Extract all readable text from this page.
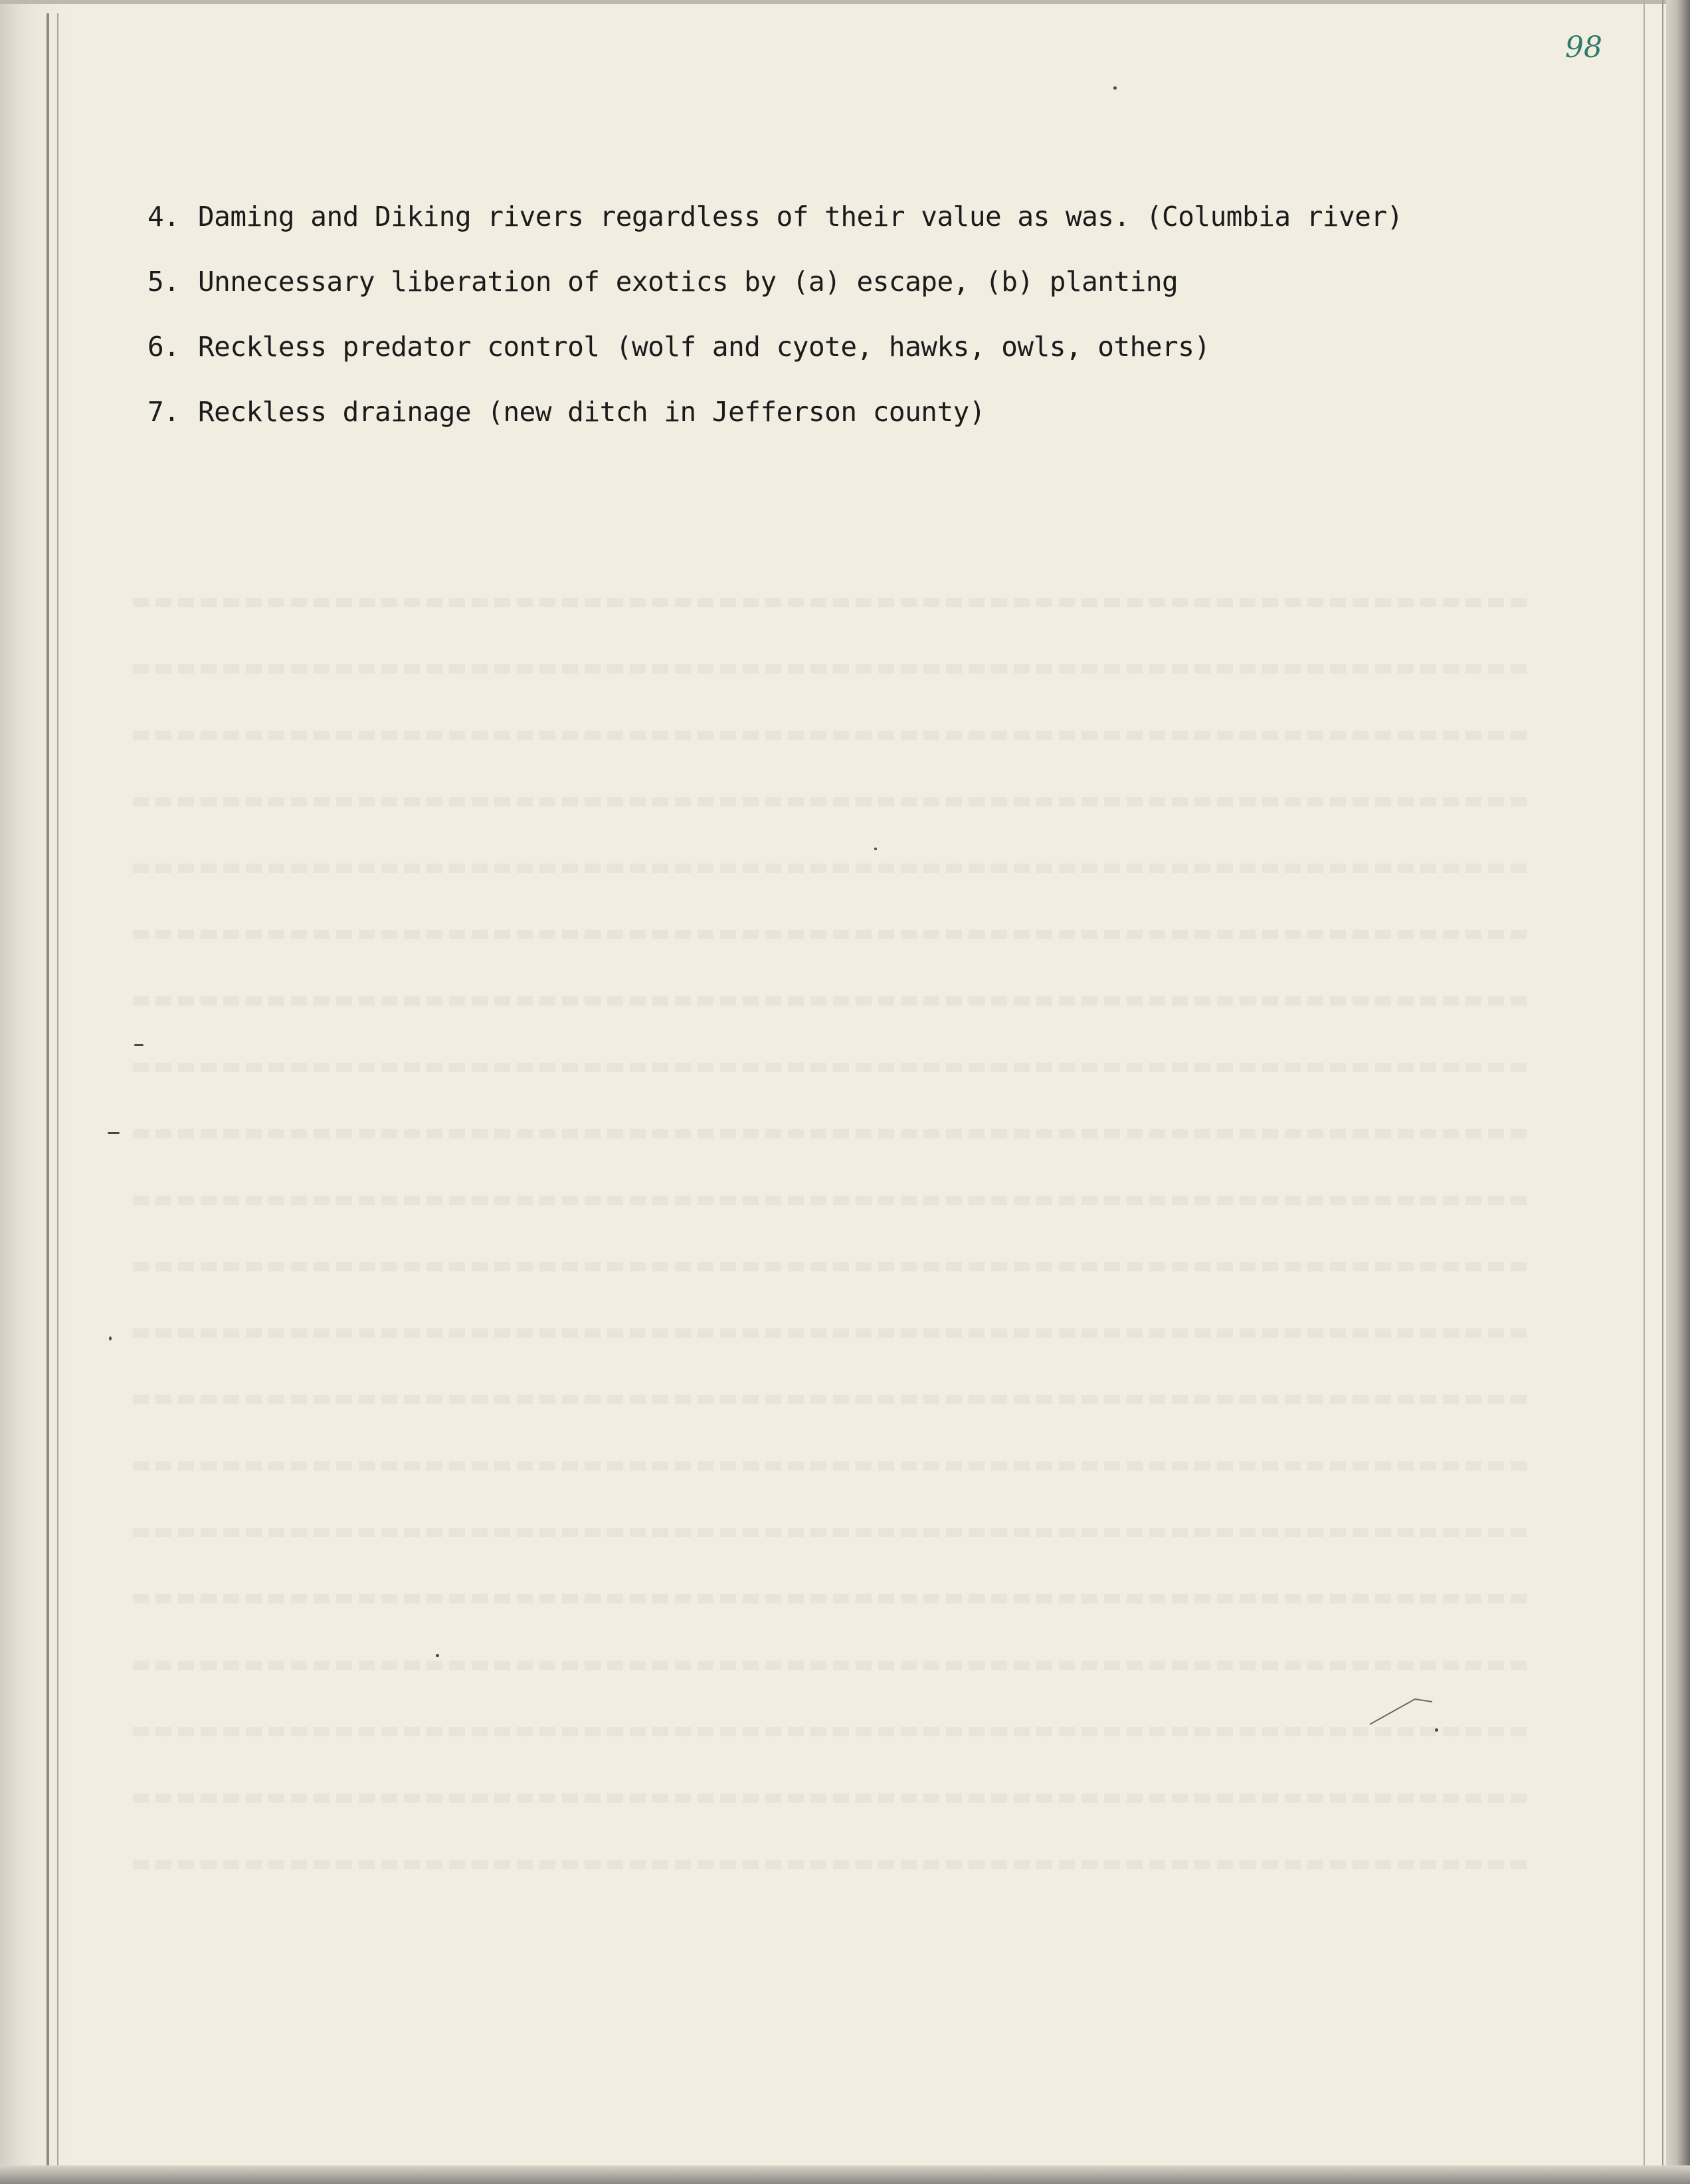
98

4. Daming and Diking rivers regardless of their value as was. (Columbia river)
5. Unnecessary liberation of exotics by (a) escape, (b) planting
6. Reckless predator control (wolf and cyote, hawks, owls, others)
7. Reckless drainage (new ditch in Jefferson county)
